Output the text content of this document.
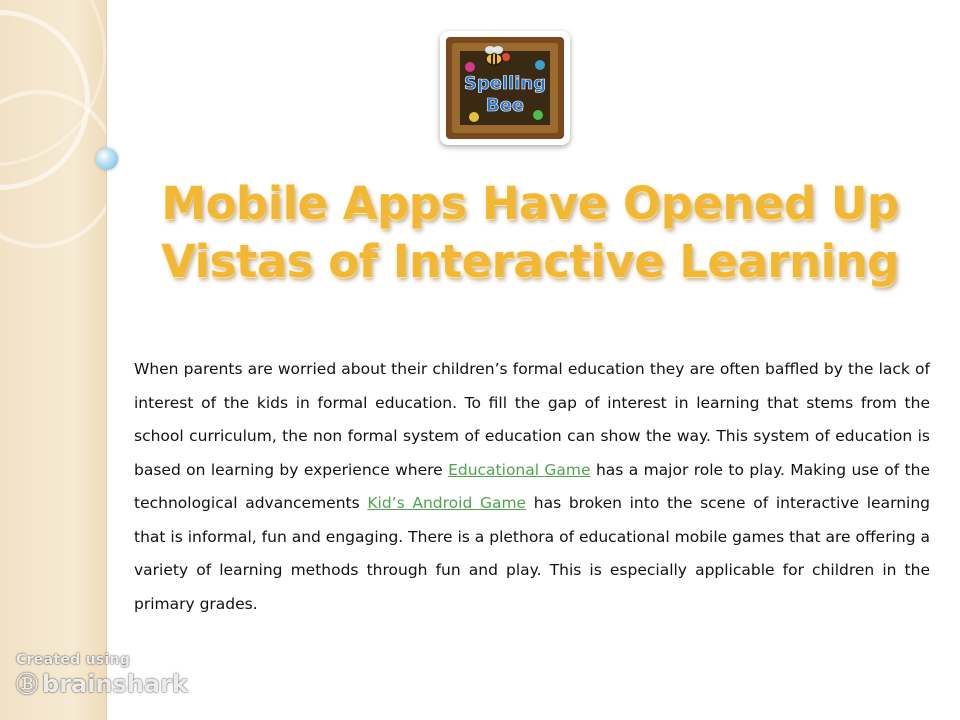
Spelling
Bee
Mobile Apps Have Opened Up
Vistas of Interactive Learning
When parents are worried about their children’s formal education they are often baffled by the lack of interest of the kids in formal education. To fill the gap of interest in learning that stems from the school curriculum, the non formal system of education can show the way. This system of education is based on learning by experience where Educational Game has a major role to play. Making use of the technological advancements Kid’s Android Game has broken into the scene of interactive learning that is informal, fun and engaging. There is a plethora of educational mobile games that are offering a variety of learning methods through fun and play. This is especially applicable for children in the primary grades.
Created using
Ⓑ brainshark
